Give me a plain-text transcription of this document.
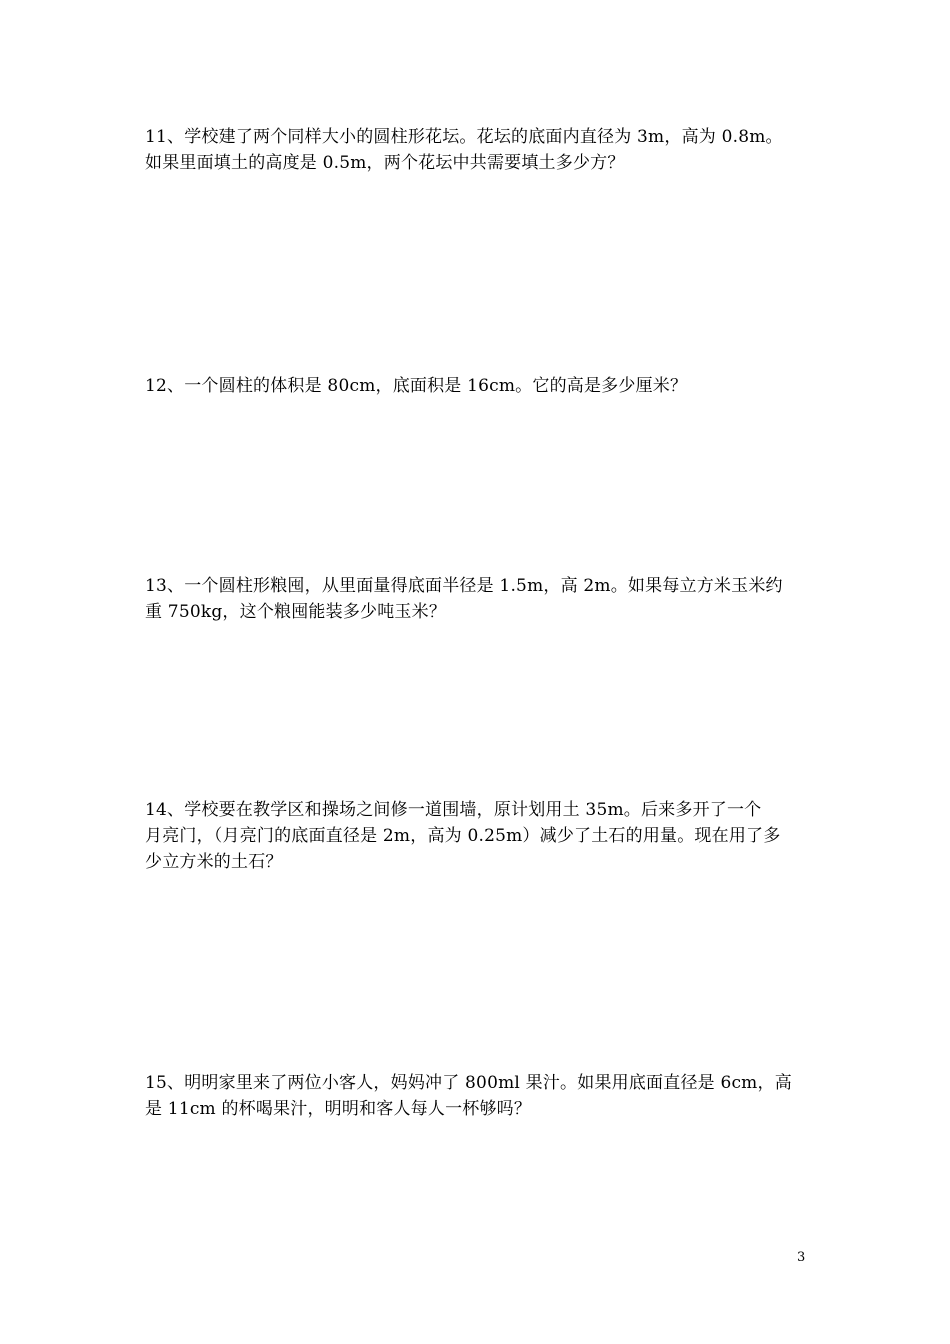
11、学校建了两个同样大小的圆柱形花坛。花坛的底面内直径为 3m，高为 0.8m。
如果里面填土的高度是 0.5m，两个花坛中共需要填土多少方？
12、一个圆柱的体积是 80cm，底面积是 16cm。它的高是多少厘米？
13、一个圆柱形粮囤，从里面量得底面半径是 1.5m，高 2m。如果每立方米玉米约
重 750kg，这个粮囤能装多少吨玉米？
14、学校要在教学区和操场之间修一道围墙，原计划用土 35m。后来多开了一个
月亮门，（月亮门的底面直径是 2m，高为 0.25m）减少了土石的用量。现在用了多
少立方米的土石？
15、明明家里来了两位小客人，妈妈冲了 800ml 果汁。如果用底面直径是 6cm，高
是 11cm 的杯喝果汁，明明和客人每人一杯够吗？
3
